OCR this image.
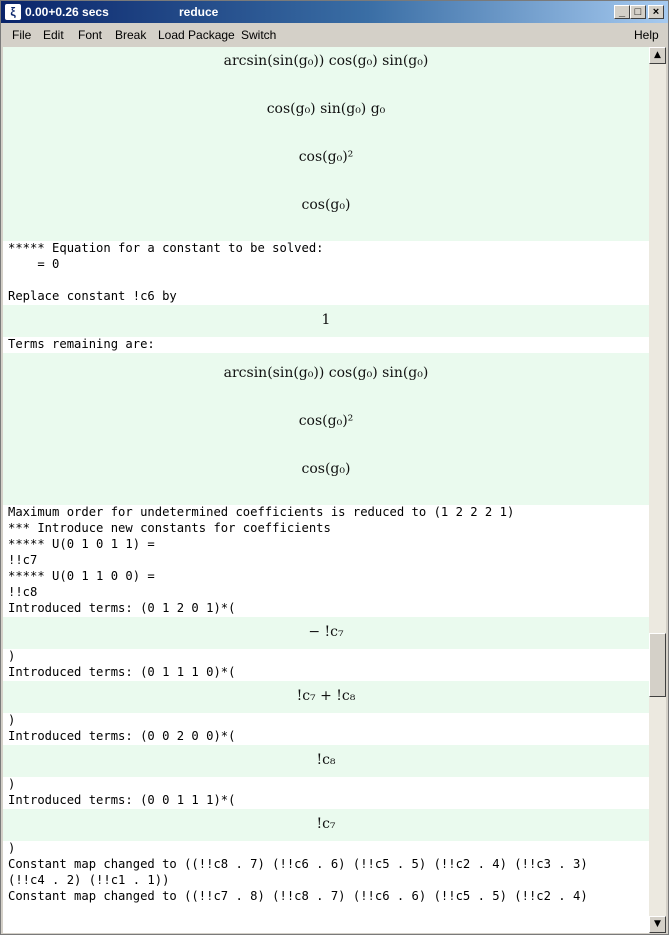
ξ 0.00+0.26 secs	reduce	_ □	×
File Edit Font Break Load Package Switch	Help
arcsin(sin(g₀)) cos(g₀) sin(g₀)
cos(g₀) sin(g₀) g₀
cos(g₀)²
cos(g₀)
***** Equation for a constant to be solved:
= 0
Replace constant !c6 by
1
Terms remaining are:
arcsin(sin(g₀)) cos(g₀) sin(g₀)
cos(g₀)²
cos(g₀)
Maximum order for undetermined coefficients is reduced to (1 2 2 2 1)
*** Introduce new constants for coefficients
***** U(0 1 0 1 1) =
!!c7
***** U(0 1 1 0 0) =
!!c8
Introduced terms: (0 1 2 0 1)*(
− !c₇
)
Introduced terms: (0 1 1 1 0)*(
!c₇ + !c₈
)
Introduced terms: (0 0 2 0 0)*(
!c₈
)
Introduced terms: (0 0 1 1 1)*(
!c₇
)
Constant map changed to ((!!c8 . 7) (!!c6 . 6) (!!c5 . 5) (!!c2 . 4) (!!c3 . 3)
(!!c4 . 2) (!!c1 . 1))
Constant map changed to ((!!c7 . 8) (!!c8 . 7) (!!c6 . 6) (!!c5 . 5) (!!c2 . 4)
▲
▼
